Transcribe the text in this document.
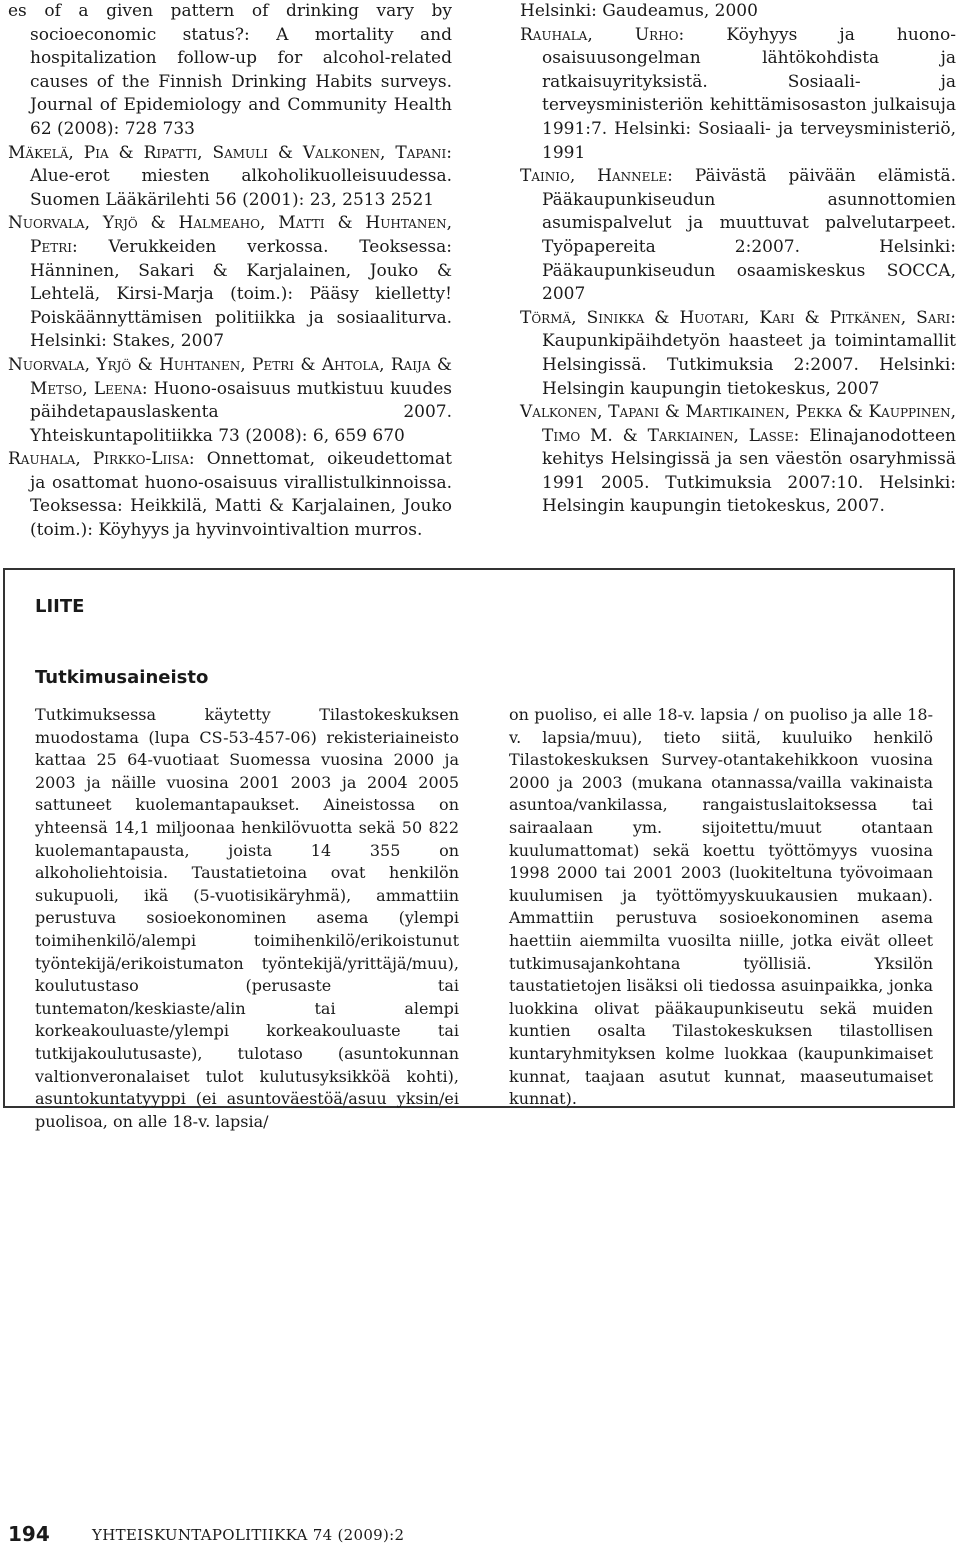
es of a given pattern of drinking vary by socioeconomic status?: A mortality and hospitalization follow-up for alcohol-related causes of the Finnish Drinking Habits surveys. Journal of Epidemiology and Community Health 62 (2008): 728 733

Mäkelä, Pia & Ripatti, Samuli & Valkonen, Tapani: Alue-erot miesten alkoholikuolleisuudessa. Suomen Lääkärilehti 56 (2001): 23, 2513 2521

Nuorvala, Yrjö & Halmeaho, Matti & Huhtanen, Petri: Verukkeiden verkossa. Teoksessa: Hänninen, Sakari & Karjalainen, Jouko & Lehtelä, Kirsi-Marja (toim.): Pääsy kielletty! Poiskäännyttämisen politiikka ja sosiaaliturva. Helsinki: Stakes, 2007

Nuorvala, Yrjö & Huhtanen, Petri & Ahtola, Raija & Metso, Leena: Huono-osaisuus mutkistuu kuudes päihdetapauslaskenta 2007. Yhteiskuntapolitiikka 73 (2008): 6, 659 670

Rauhala, Pirkko-Liisa: Onnettomat, oikeudettomat ja osattomat huono-osaisuus virallistulkinnoissa. Teoksessa: Heikkilä, Matti & Karjalainen, Jouko (toim.): Köyhyys ja hyvinvointivaltion murros.

Helsinki: Gaudeamus, 2000

Rauhala, Urho: Köyhyys ja huono-osaisuusongelman lähtökohdista ja ratkaisuyrityksistä. Sosiaali- ja terveysministeriön kehittämisosaston julkaisuja 1991:7. Helsinki: Sosiaali- ja terveysministeriö, 1991

Tainio, Hannele: Päivästä päivään elämistä. Pääkaupunkiseudun asunnottomien asumispalvelut ja muuttuvat palvelutarpeet. Työpapereita 2:2007. Helsinki: Pääkaupunkiseudun osaamiskeskus SOCCA, 2007

Törmä, Sinikka & Huotari, Kari & Pitkänen, Sari: Kaupunkipäihdetyön haasteet ja toimintamallit Helsingissä. Tutkimuksia 2:2007. Helsinki: Helsingin kaupungin tietokeskus, 2007

Valkonen, Tapani & Martikainen, Pekka & Kauppinen, Timo M. & Tarkiainen, Lasse: Elinajanodotteen kehitys Helsingissä ja sen väestön osaryhmissä 1991 2005. Tutkimuksia 2007:10. Helsinki: Helsingin kaupungin tietokeskus, 2007.

LIITE
Tutkimusaineisto
Tutkimuksessa käytetty Tilastokeskuksen muodostama (lupa CS-53-457-06) rekisteriaineisto kattaa 25 64-vuotiaat Suomessa vuosina 2000 ja 2003 ja näille vuosina 2001 2003 ja 2004 2005 sattuneet kuolemantapaukset. Aineistossa on yhteensä 14,1 miljoonaa henkilövuotta sekä 50 822 kuolemantapausta, joista 14 355 on alkoholiehtoisia. Taustatietoina ovat henkilön sukupuoli, ikä (5-vuotisikäryhmä), ammattiin perustuva sosioekonominen asema (ylempi toimihenkilö/alempi toimihenkilö/erikoistunut työntekijä/erikoistumaton työntekijä/yrittäjä/muu), koulutustaso (perusaste tai tuntematon/keskiaste/alin tai alempi korkeakouluaste/ylempi korkeakouluaste tai tutkijakoulutusaste), tulotaso (asuntokunnan valtionveronalaiset tulot kulutusyksikköä kohti), asuntokuntatyyppi (ei asuntoväestöä/asuu yksin/ei puolisoa, on alle 18-v. lapsia/
on puoliso, ei alle 18-v. lapsia / on puoliso ja alle 18-v. lapsia/muu), tieto siitä, kuuluiko henkilö Tilastokeskuksen Survey-otantakehikkoon vuosina 2000 ja 2003 (mukana otannassa/vailla vakinaista asuntoa/vankilassa, rangaistuslaitoksessa tai sairaalaan ym. sijoitettu/muut otantaan kuulumattomat) sekä koettu työttömyys vuosina 1998 2000 tai 2001 2003 (luokiteltuna työvoimaan kuulumisen ja työttömyyskuukausien mukaan). Ammattiin perustuva sosioekonominen asema haettiin aiemmilta vuosilta niille, jotka eivät olleet tutkimusajankohtana työllisiä. Yksilön taustatietojen lisäksi oli tiedossa asuinpaikka, jonka luokkina olivat pääkaupunkiseutu sekä muiden kuntien osalta Tilastokeskuksen tilastollisen kuntaryhmityksen kolme luokkaa (kaupunkimaiset kunnat, taajaan asutut kunnat, maaseutumaiset kunnat).
194	YHTEISKUNTAPOLITIIKKA 74 (2009):2
